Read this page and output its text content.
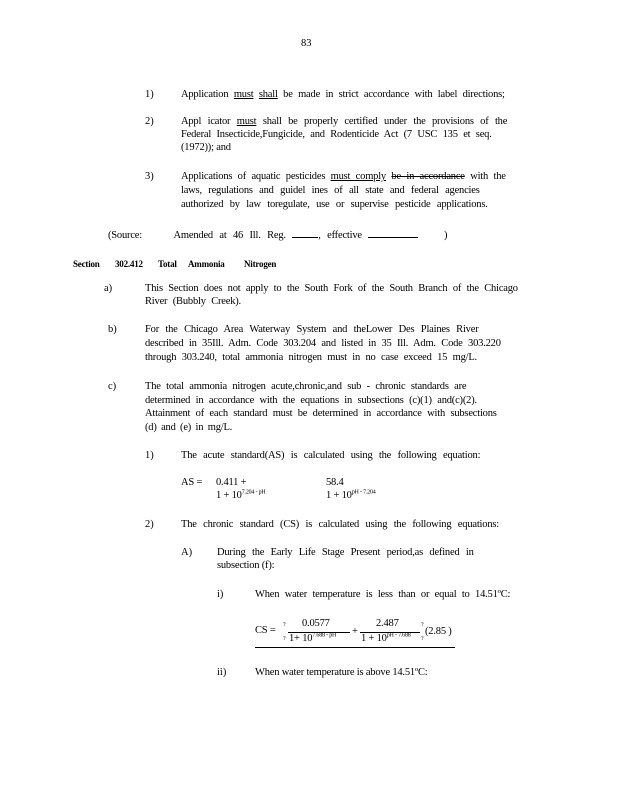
83
1)	Application must shall be made in strict accordance with label directions;
2)	Appl icator must shall be properly certified under the provisions of the
Federal Insecticide,Fungicide, and Rodenticide Act (7 USC 135 et seq.
(1972)); and
3)	Applications of aquatic pesticides must comply be in accordance with the
laws, regulations and guidel ines of all state and federal agencies
authorized by law toregulate, use or supervise pesticide applications.
(Source:	Amended at 46 Ill. Reg.	, effective	)
Section 302.412 Total Ammonia Nitrogen
a)	This Section does not apply to the South Fork of the South Branch of the Chicago
River (Bubbly Creek).
b)	For the Chicago Area Waterway System and theLower Des Plaines River
described in 35Ill. Adm. Code 303.204 and listed in 35 Ill. Adm. Code 303.220
through 303.240, total ammonia nitrogen must in no case exceed 15 mg/L.
c)	The total ammonia nitrogen acute,chronic,and sub - chronic standards are
determined in accordance with the equations in subsections (c)(1) and(c)(2).
Attainment of each standard must be determined in accordance with subsections
(d) and (e) in mg/L.
1)	The acute standard(AS) is calculated using the following equation:
AS = 0.411 +
$1 + 10^{7.204 - pH}$
58.4
$1 + 10^{pH - 7.204}$
2)	The chronic standard (CS) is calculated using the following equations:
A) During the Early Life Stage Present period,as defined in
subsection (f):
i)	When water temperature is less than or equal to 14.51ºC:
CS = ?
?
0.0577
$1+ 10^{7.688 - pH}$ +
2.487
$1 + 10^{pH - 7.688}$
?
?
(2.85 )
ii)	When water temperature is above 14.51ºC:
